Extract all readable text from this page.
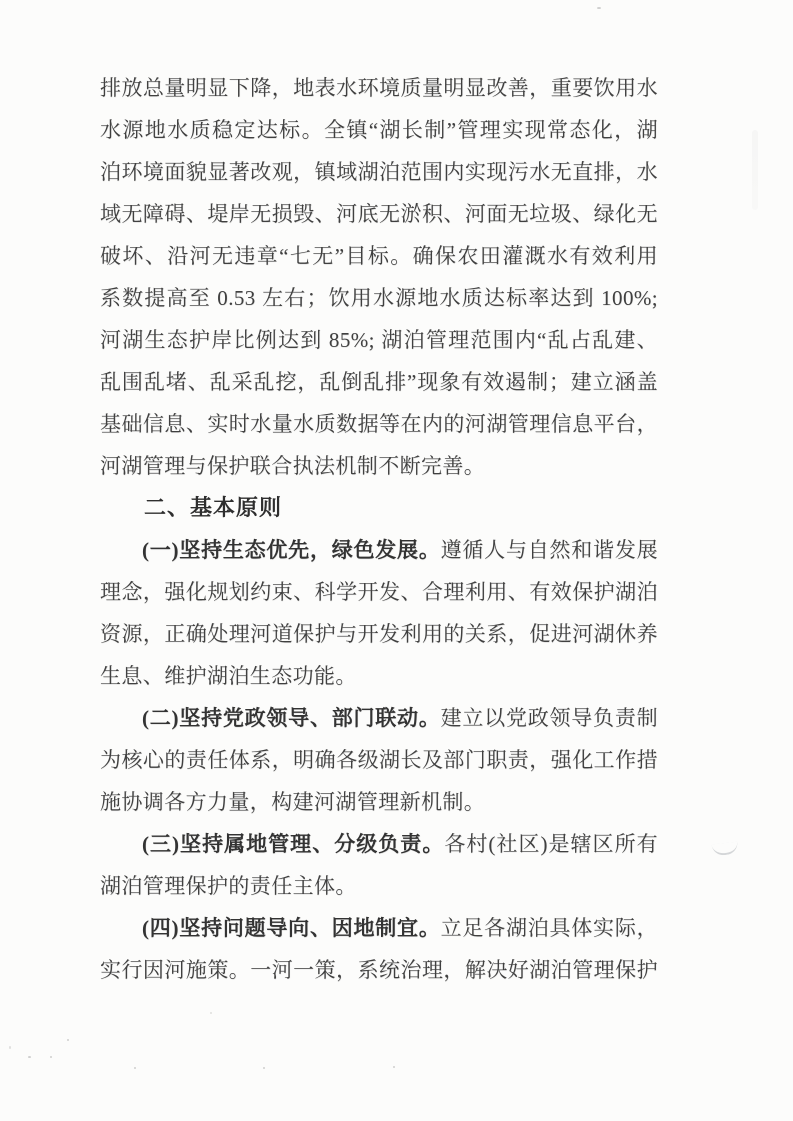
排放总量明显下降，地表水环境质量明显改善，重要饮用水
水源地水质稳定达标。全镇“湖长制”管理实现常态化，湖
泊环境面貌显著改观，镇域湖泊范围内实现污水无直排，水
域无障碍、堤岸无损毁、河底无淤积、河面无垃圾、绿化无
破坏、沿河无违章“七无”目标。确保农田灌溉水有效利用
系数提高至 0.53 左右；饮用水源地水质达标率达到 100%;
河湖生态护岸比例达到 85%; 湖泊管理范围内“乱占乱建、
乱围乱堵、乱采乱挖，乱倒乱排”现象有效遏制；建立涵盖
基础信息、实时水量水质数据等在内的河湖管理信息平台，
河湖管理与保护联合执法机制不断完善。
二、基本原则
(一)坚持生态优先，绿色发展。遵循人与自然和谐发展
理念，强化规划约束、科学开发、合理利用、有效保护湖泊
资源，正确处理河道保护与开发利用的关系，促进河湖休养
生息、维护湖泊生态功能。
(二)坚持党政领导、部门联动。建立以党政领导负责制
为核心的责任体系，明确各级湖长及部门职责，强化工作措
施协调各方力量，构建河湖管理新机制。
(三)坚持属地管理、分级负责。各村(社区)是辖区所有
湖泊管理保护的责任主体。
(四)坚持问题导向、因地制宜。立足各湖泊具体实际，
实行因河施策。一河一策，系统治理，解决好湖泊管理保护
